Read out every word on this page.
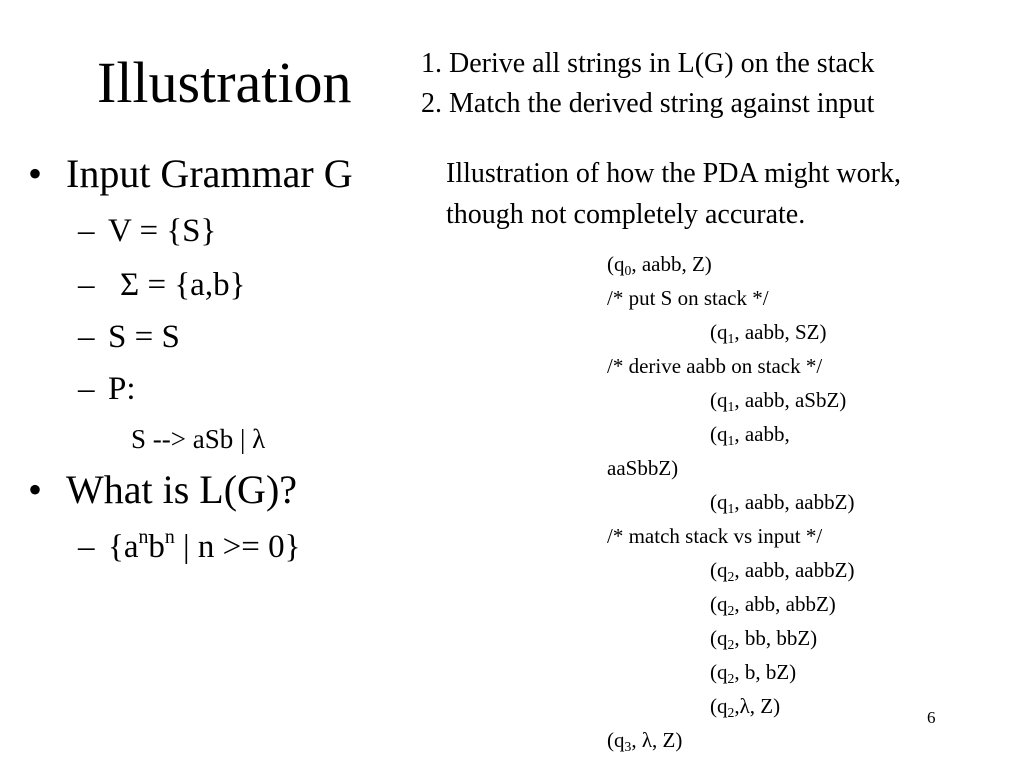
Illustration 1. Derive all strings in L(G) on the stack
2. Match the derived string against input
Illustration of how the PDA might work,
though not completely accurate.
• Input Grammar G
– V = {S}
– Σ = {a,b}
– S = S
– P:
S --> aSb | λ
• What is L(G)?
– {$a^nb^n$ | n >= 0}
($q_0$, aabb, Z)
/* put S on stack */
($q_1$, aabb, SZ)
/* derive aabb on stack */
($q_1$, aabb, aSbZ)
($q_1$, aabb,
aaSbbZ)
($q_1$, aabb, aabbZ)
/* match stack vs input */
($q_2$, aabb, aabbZ)
($q_2$, abb, abbZ)
($q_2$, bb, bbZ)
($q_2$, b, bZ)
($q_2,\lambda$, Z)
($q_3$, λ, Z)
6
